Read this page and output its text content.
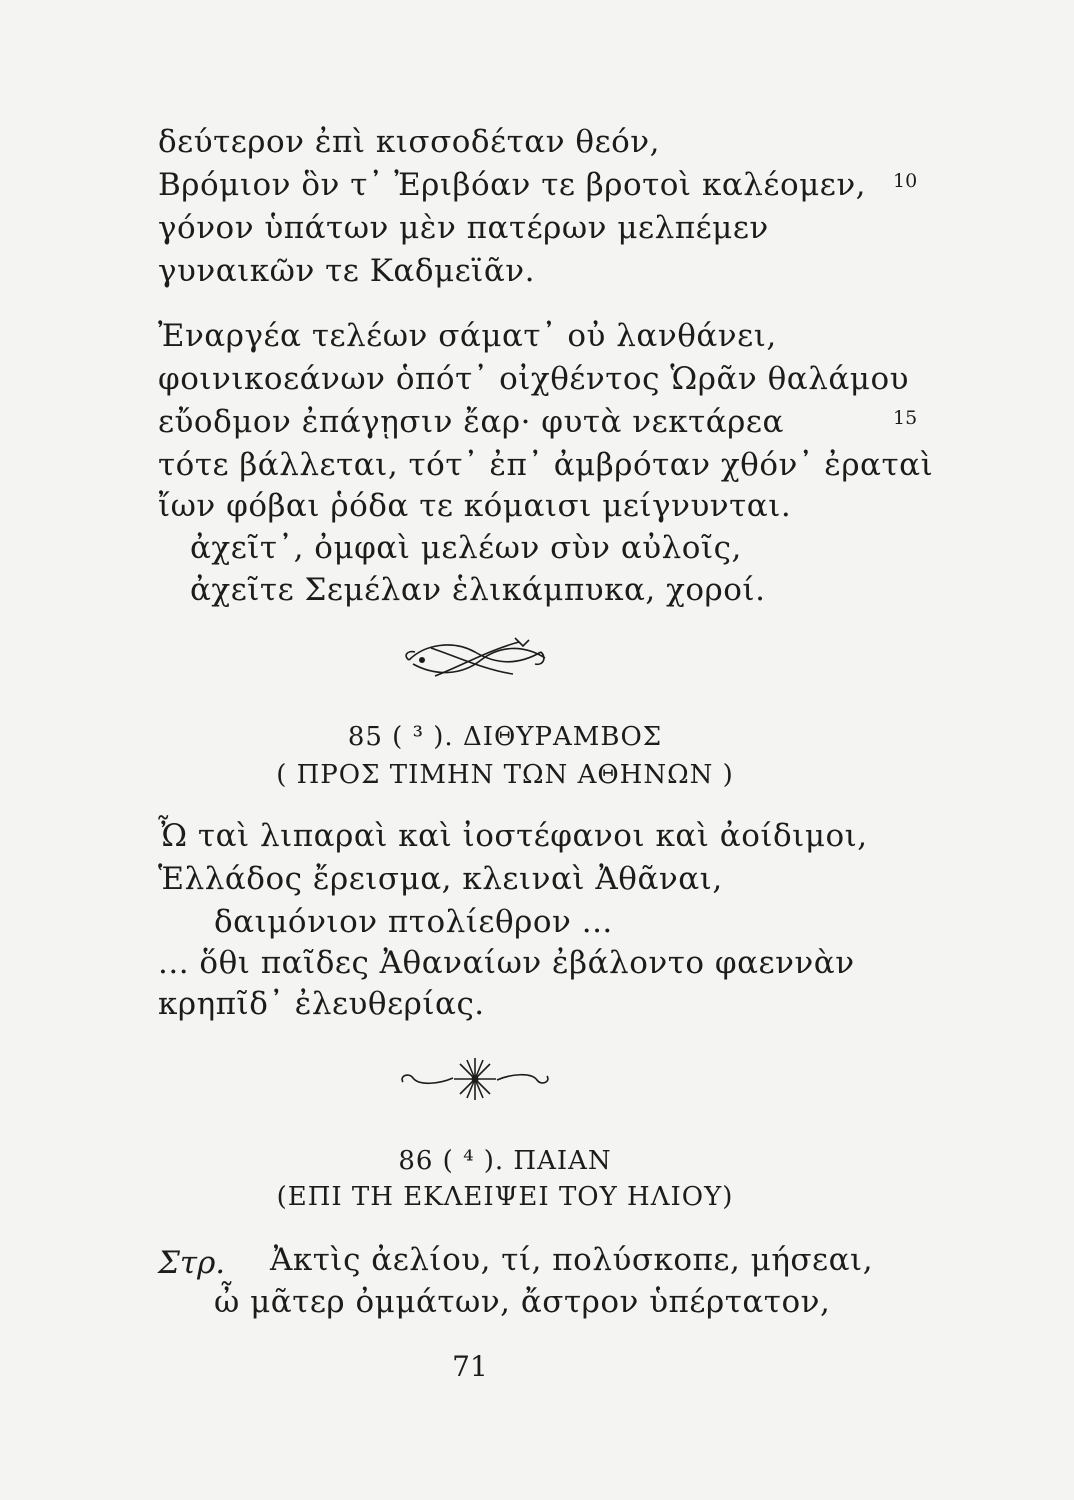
δεύτερον ἐπὶ κισσοδέταν θεόν,
Βρόμιον ὃν τ᾽ Ἐριβόαν τε βροτοὶ καλέομεν, 10
γόνον ὑπάτων μὲν πατέρων μελπέμεν
γυναικῶν τε Καδμεϊᾶν.
Ἐναργέα τελέων σάματ᾽ οὐ λανθάνει,
φοινικοεάνων ὁπότ᾽ οἰχθέντος Ὡρᾶν θαλάμου
εὔοδμον ἐπάγῃσιν ἔαρ· φυτὰ νεκτάρεα	15
τότε βάλλεται, τότ᾽ ἐπ᾽ ἀμβρόταν χθόν᾽ ἐραταὶ
ἴων φόβαι ῥόδα τε κόμαισι μείγνυνται.
ἀχεῖτ᾽, ὀμφαὶ μελέων σὺν αὐλοῖς,
ἀχεῖτε Σεμέλαν ἑλικάμπυκα, χοροί.
85 ( ³ ). ΔΙΘΥΡΑΜΒΟΣ
( ΠΡΟΣ ΤΙΜΗΝ ΤΩΝ ΑΘΗΝΩΝ )
Ὦ ταὶ λιπαραὶ καὶ ἰοστέφανοι καὶ ἀοίδιμοι,
Ἑλλάδος ἔρεισμα, κλειναὶ Ἀθᾶναι,
δαιμόνιον πτολίεθρον ...
... ὅθι παῖδες Ἀθαναίων ἐβάλοντο φαεννὰν
κρηπῖδ᾽ ἐλευθερίας.
86 ( ⁴ ). ΠΑΙΑΝ
(ΕΠΙ ΤΗ ΕΚΛΕΙΨΕΙ ΤΟΥ ΗΛΙΟΥ)
Στρ. Ἀκτὶς ἀελίου, τί, πολύσκοπε, μήσεαι,
ὦ μᾶτερ ὀμμάτων, ἄστρον ὑπέρτατον,
71
